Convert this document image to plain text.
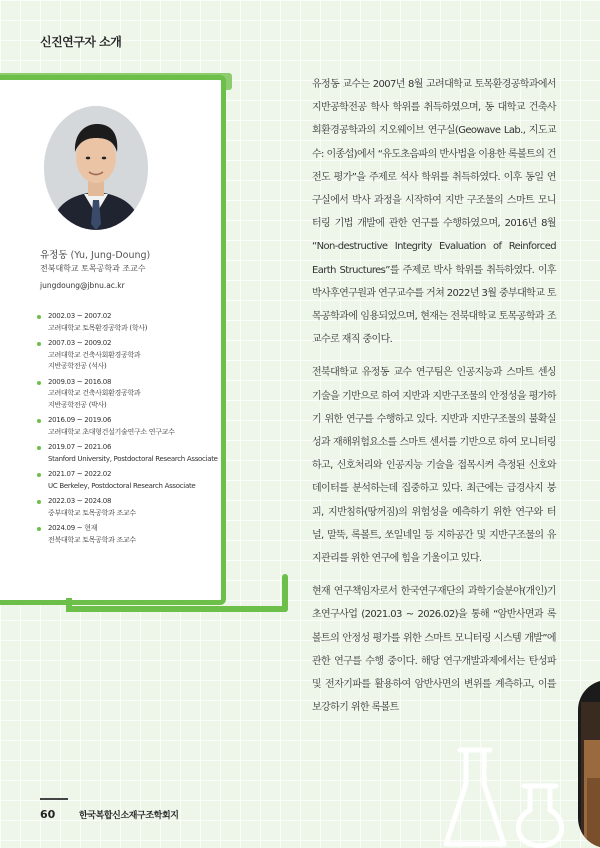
신진연구자 소개
유정동 (Yu, Jung-Doung)
전북대학교 토목공학과 조교수
jungdoung@jbnu.ac.kr
2002.03 ~ 2007.02
고려대학교 토목환경공학과 (학사)
2007.03 ~ 2009.02
고려대학교 건축사회환경공학과
지반공학전공 (석사)
2009.03 ~ 2016.08
고려대학교 건축사회환경공학과
지반공학전공 (박사)
2016.09 ~ 2019.06
고려대학교 초대형건설기술연구소 연구교수
2019.07 ~ 2021.06
Stanford University, Postdoctoral Research Associate
2021.07 ~ 2022.02
UC Berkeley, Postdoctoral Research Associate
2022.03 ~ 2024.08
중부대학교 토목공학과 조교수
2024.09 ~ 현재
전북대학교 토목공학과 조교수

유정동 교수는 2007년 8월 고려대학교 토목환경공학과에서 지반공학전공 학사 학위를 취득하였으며, 동 대학교 건축사회환경공학과의 지오웨이브 연구실(Geowave Lab., 지도교수: 이종섭)에서 “유도초음파의 반사법을 이용한 록볼트의 건전도 평가”을 주제로 석사 학위를 취득하였다. 이후 동일 연구실에서 박사 과정을 시작하여 지반 구조물의 스마트 모니터링 기법 개발에 관한 연구를 수행하였으며, 2016년 8월 “Non-destructive Integrity Evaluation of Reinforced Earth Structures”를 주제로 박사 학위를 취득하였다. 이후 박사후연구원과 연구교수를 거쳐 2022년 3월 중부대학교 토목공학과에 임용되었으며, 현재는 전북대학교 토목공학과 조교수로 재직 중이다.

전북대학교 유정동 교수 연구팀은 인공지능과 스마트 센싱 기술을 기반으로 하여 지반과 지반구조물의 안정성을 평가하기 위한 연구를 수행하고 있다. 지반과 지반구조물의 불확실성과 재해위험요소를 스마트 센서를 기반으로 하여 모니터링하고, 신호처리와 인공지능 기술을 접목시켜 측정된 신호와 데이터를 분석하는데 집중하고 있다. 최근에는 급경사지 붕괴, 지반침하(땅꺼짐)의 위험성을 예측하기 위한 연구와 터널, 말뚝, 록볼트, 쏘일네일 등 지하공간 및 지반구조물의 유지관리를 위한 연구에 힘을 기울이고 있다.

현재 연구책임자로서 한국연구재단의 과학기술분야(개인)기초연구사업 (2021.03 ~ 2026.02)을 통해 “암반사면과 록볼트의 안정성 평가를 위한 스마트 모니터링 시스템 개발”에 관한 연구를 수행 중이다. 해당 연구개발과제에서는 탄성파 및 전자기파를 활용하여 암반사면의 변위를 계측하고, 이를 보강하기 위한 록볼트

60	한국복합신소재구조학회지
